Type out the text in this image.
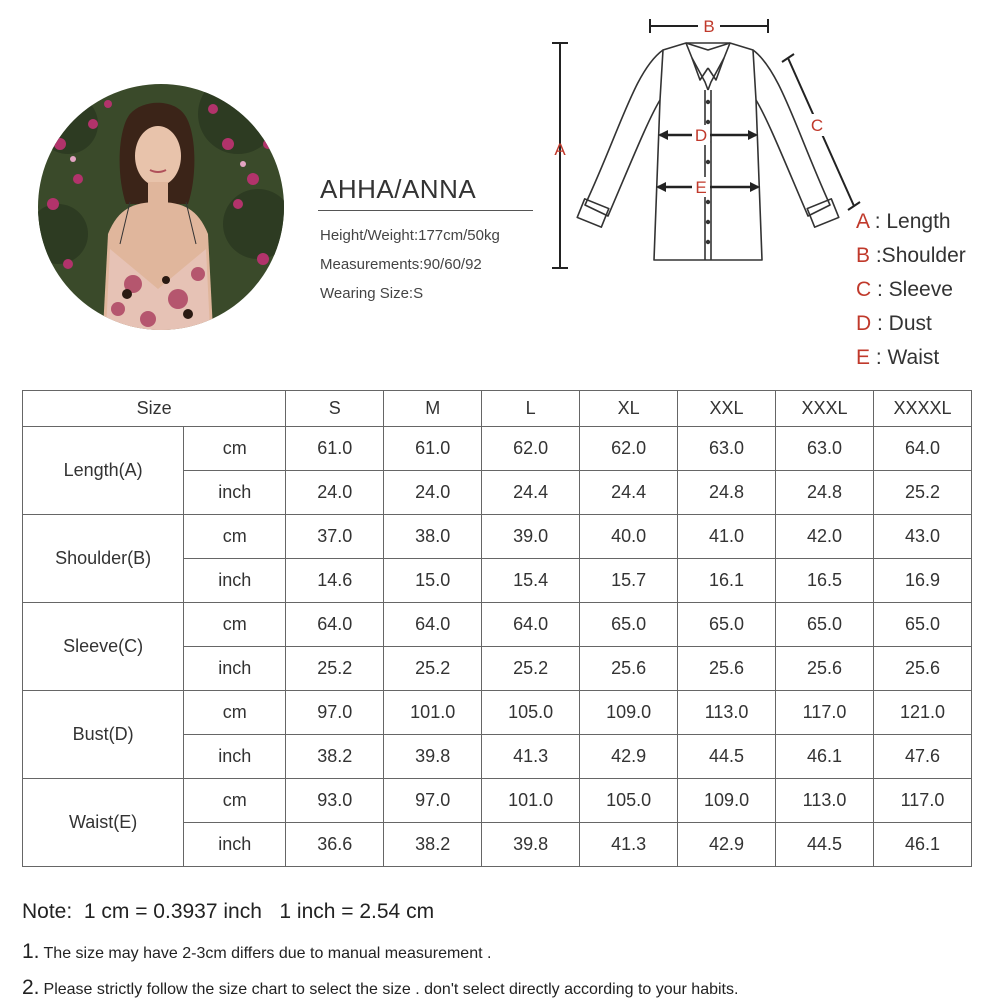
AHHA/ANNA
Height/Weight:177cm/50kg
Measurements:90/60/92
Wearing Size:S
B
A
C
D
E
A : Length
B :Shoulder
C : Sleeve
D : Dust
E : Waist
Size		S	M	L	XL	XXL	XXXL	XXXXL
Length(A)	cm	61.0	61.0	62.0	62.0	63.0	63.0	64.0
	inch	24.0	24.0	24.4	24.4	24.8	24.8	25.2
Shoulder(B)	cm	37.0	38.0	39.0	40.0	41.0	42.0	43.0
	inch	14.6	15.0	15.4	15.7	16.1	16.5	16.9
Sleeve(C)	cm	64.0	64.0	64.0	65.0	65.0	65.0	65.0
	inch	25.2	25.2	25.2	25.6	25.6	25.6	25.6
Bust(D)	cm	97.0	101.0	105.0	109.0	113.0	117.0	121.0
	inch	38.2	39.8	41.3	42.9	44.5	46.1	47.6
Waist(E)	cm	93.0	97.0	101.0	105.0	109.0	113.0	117.0
	inch	36.6	38.2	39.8	41.3	42.9	44.5	46.1
Note:  1 cm = 0.3937 inch   1 inch = 2.54 cm
1. The size may have 2-3cm differs due to manual measurement .
2. Please strictly follow the size chart to select the size . don't select directly according to your habits.
